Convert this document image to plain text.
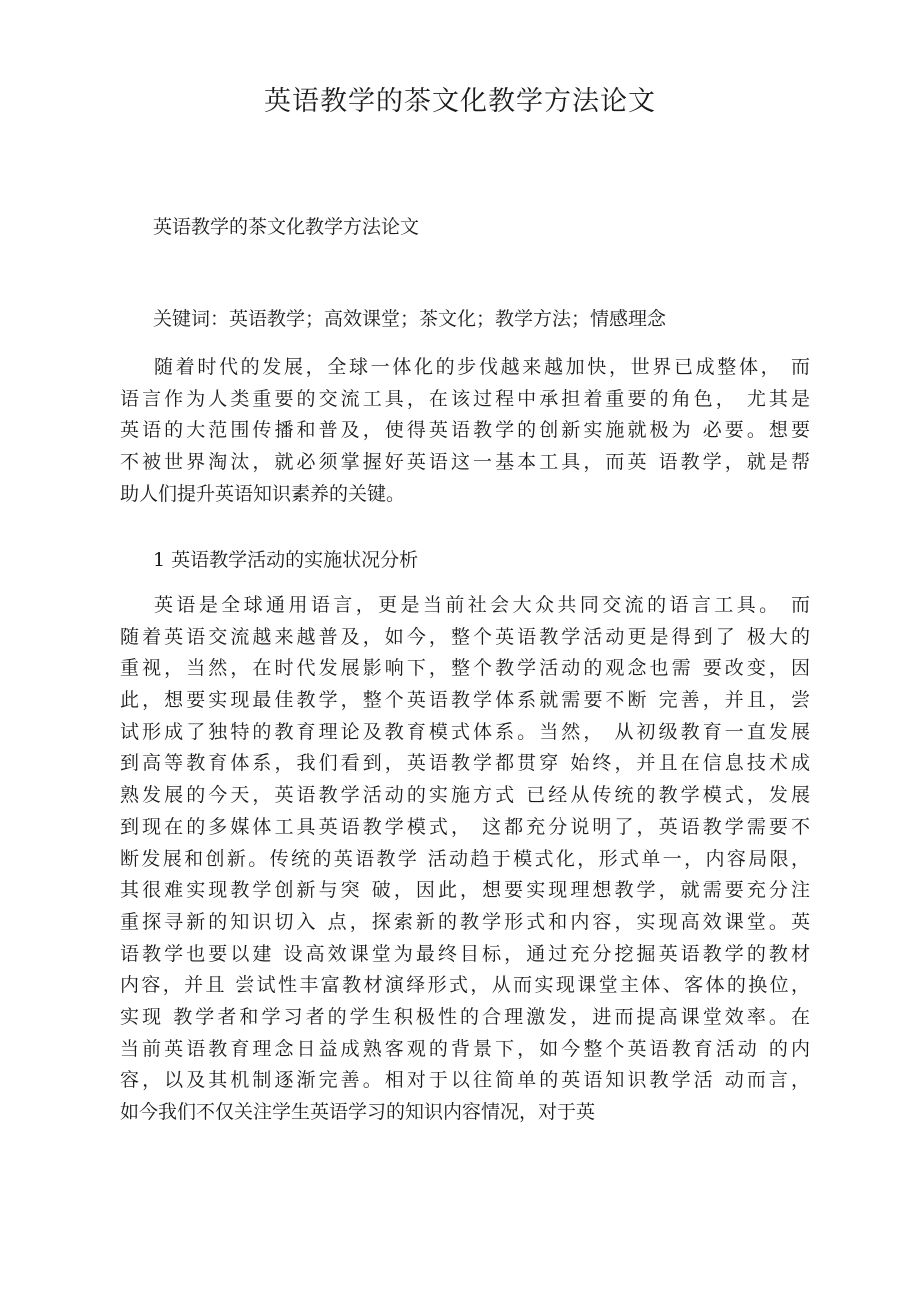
英语教学的茶文化教学方法论文

英语教学的茶文化教学方法论文

关键词：英语教学；高效课堂；茶文化；教学方法；情感理念

随着时代的发展，全球一体化的步伐越来越加快，世界已成整体， 而
语言作为人类重要的交流工具，在该过程中承担着重要的角色， 尤其是
英语的大范围传播和普及，使得英语教学的创新实施就极为 必要。想要
不被世界淘汰，就必须掌握好英语这一基本工具，而英 语教学，就是帮
助人们提升英语知识素养的关键。

1 英语教学活动的实施状况分析

英语是全球通用语言，更是当前社会大众共同交流的语言工具。 而
随着英语交流越来越普及，如今，整个英语教学活动更是得到了 极大的
重视，当然，在时代发展影响下，整个教学活动的观念也需 要改变，因
此，想要实现最佳教学，整个英语教学体系就需要不断 完善，并且，尝
试形成了独特的教育理论及教育模式体系。当然， 从初级教育一直发展
到高等教育体系，我们看到，英语教学都贯穿 始终，并且在信息技术成
熟发展的今天，英语教学活动的实施方式 已经从传统的教学模式，发展
到现在的多媒体工具英语教学模式， 这都充分说明了，英语教学需要不
断发展和创新。传统的英语教学 活动趋于模式化，形式单一，内容局限，
其很难实现教学创新与突 破，因此，想要实现理想教学，就需要充分注
重探寻新的知识切入 点，探索新的教学形式和内容，实现高效课堂。英
语教学也要以建 设高效课堂为最终目标，通过充分挖掘英语教学的教材
内容，并且 尝试性丰富教材演绎形式，从而实现课堂主体、客体的换位，
实现 教学者和学习者的学生积极性的合理激发，进而提高课堂效率。在
当前英语教育理念日益成熟客观的背景下，如今整个英语教育活动 的内
容，以及其机制逐渐完善。相对于以往简单的英语知识教学活 动而言，
如今我们不仅关注学生英语学习的知识内容情况，对于英
